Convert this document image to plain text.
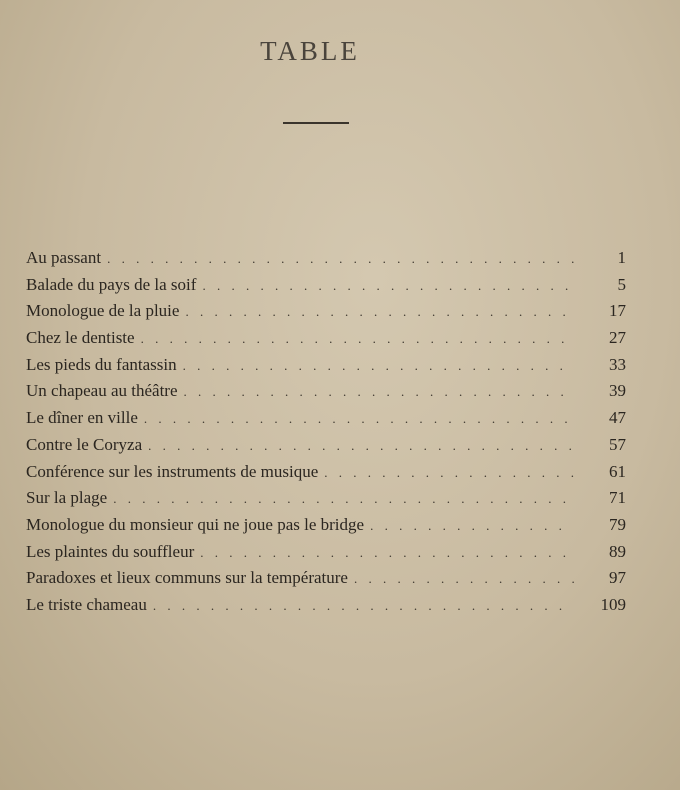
TABLE
Au passant . . .	1
Balade du pays de la soif . . .	5
Monologue de la pluie . . .	17
Chez le dentiste . . .	27
Les pieds du fantassin . . .	33
Un chapeau au théâtre . . .	39
Le dîner en ville . . .	47
Contre le Coryza . . .	57
Conférence sur les instruments de musique . . .	61
Sur la plage . . .	71
Monologue du monsieur qui ne joue pas le bridge . . .	79
Les plaintes du souffleur . . .	89
Paradoxes et lieux communs sur la température . . .	97
Le triste chameau . . .	109
